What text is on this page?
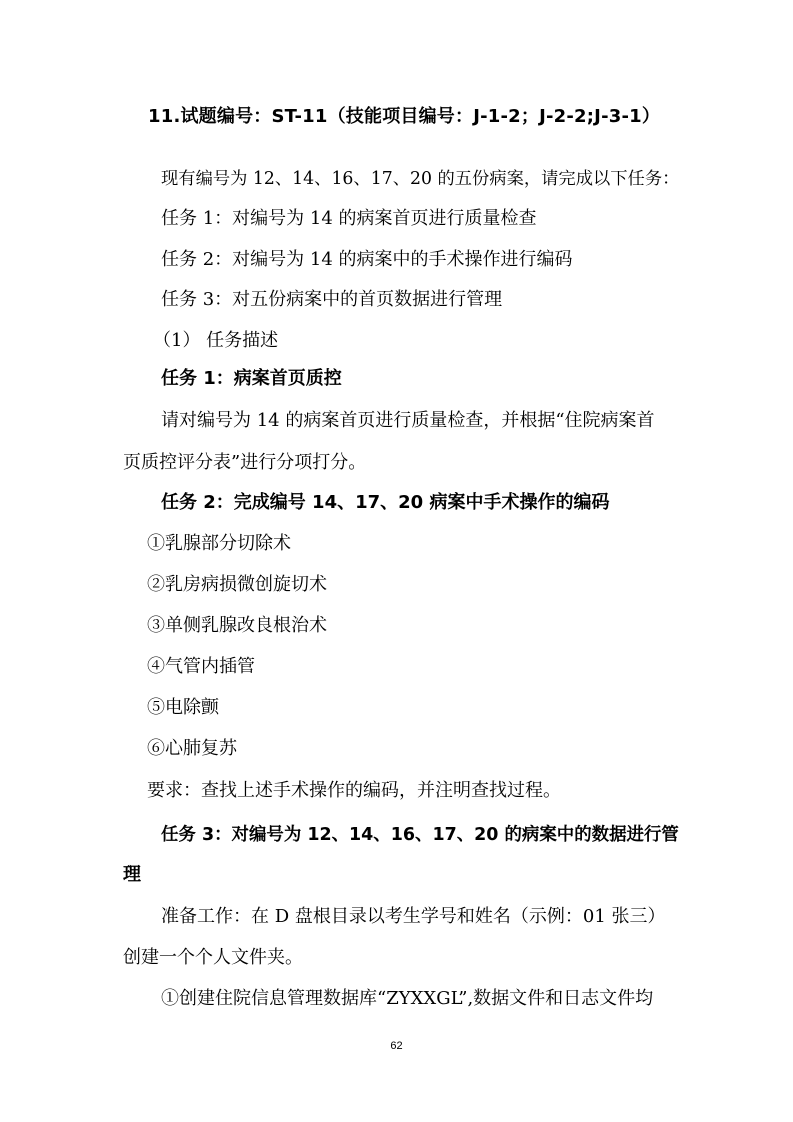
11.试题编号：ST-11（技能项目编号：J-1-2；J-2-2;J-3-1）
现有编号为 12、14、16、17、20 的五份病案，请完成以下任务：
任务 1：对编号为 14 的病案首页进行质量检查
任务 2：对编号为 14 的病案中的手术操作进行编码
任务 3：对五份病案中的首页数据进行管理
（1） 任务描述
任务 1：病案首页质控
请对编号为 14 的病案首页进行质量检查，并根据“住院病案首
页质控评分表”进行分项打分。
任务 2：完成编号 14、17、20 病案中手术操作的编码
①乳腺部分切除术
②乳房病损微创旋切术
③单侧乳腺改良根治术
④气管内插管
⑤电除颤
⑥心肺复苏
要求：查找上述手术操作的编码，并注明查找过程。
任务 3：对编号为 12、14、16、17、20 的病案中的数据进行管
理
准备工作：在 D 盘根目录以考生学号和姓名（示例：01 张三）
创建一个个人文件夹。
①创建住院信息管理数据库“ZYXXGL”,数据文件和日志文件均
62
